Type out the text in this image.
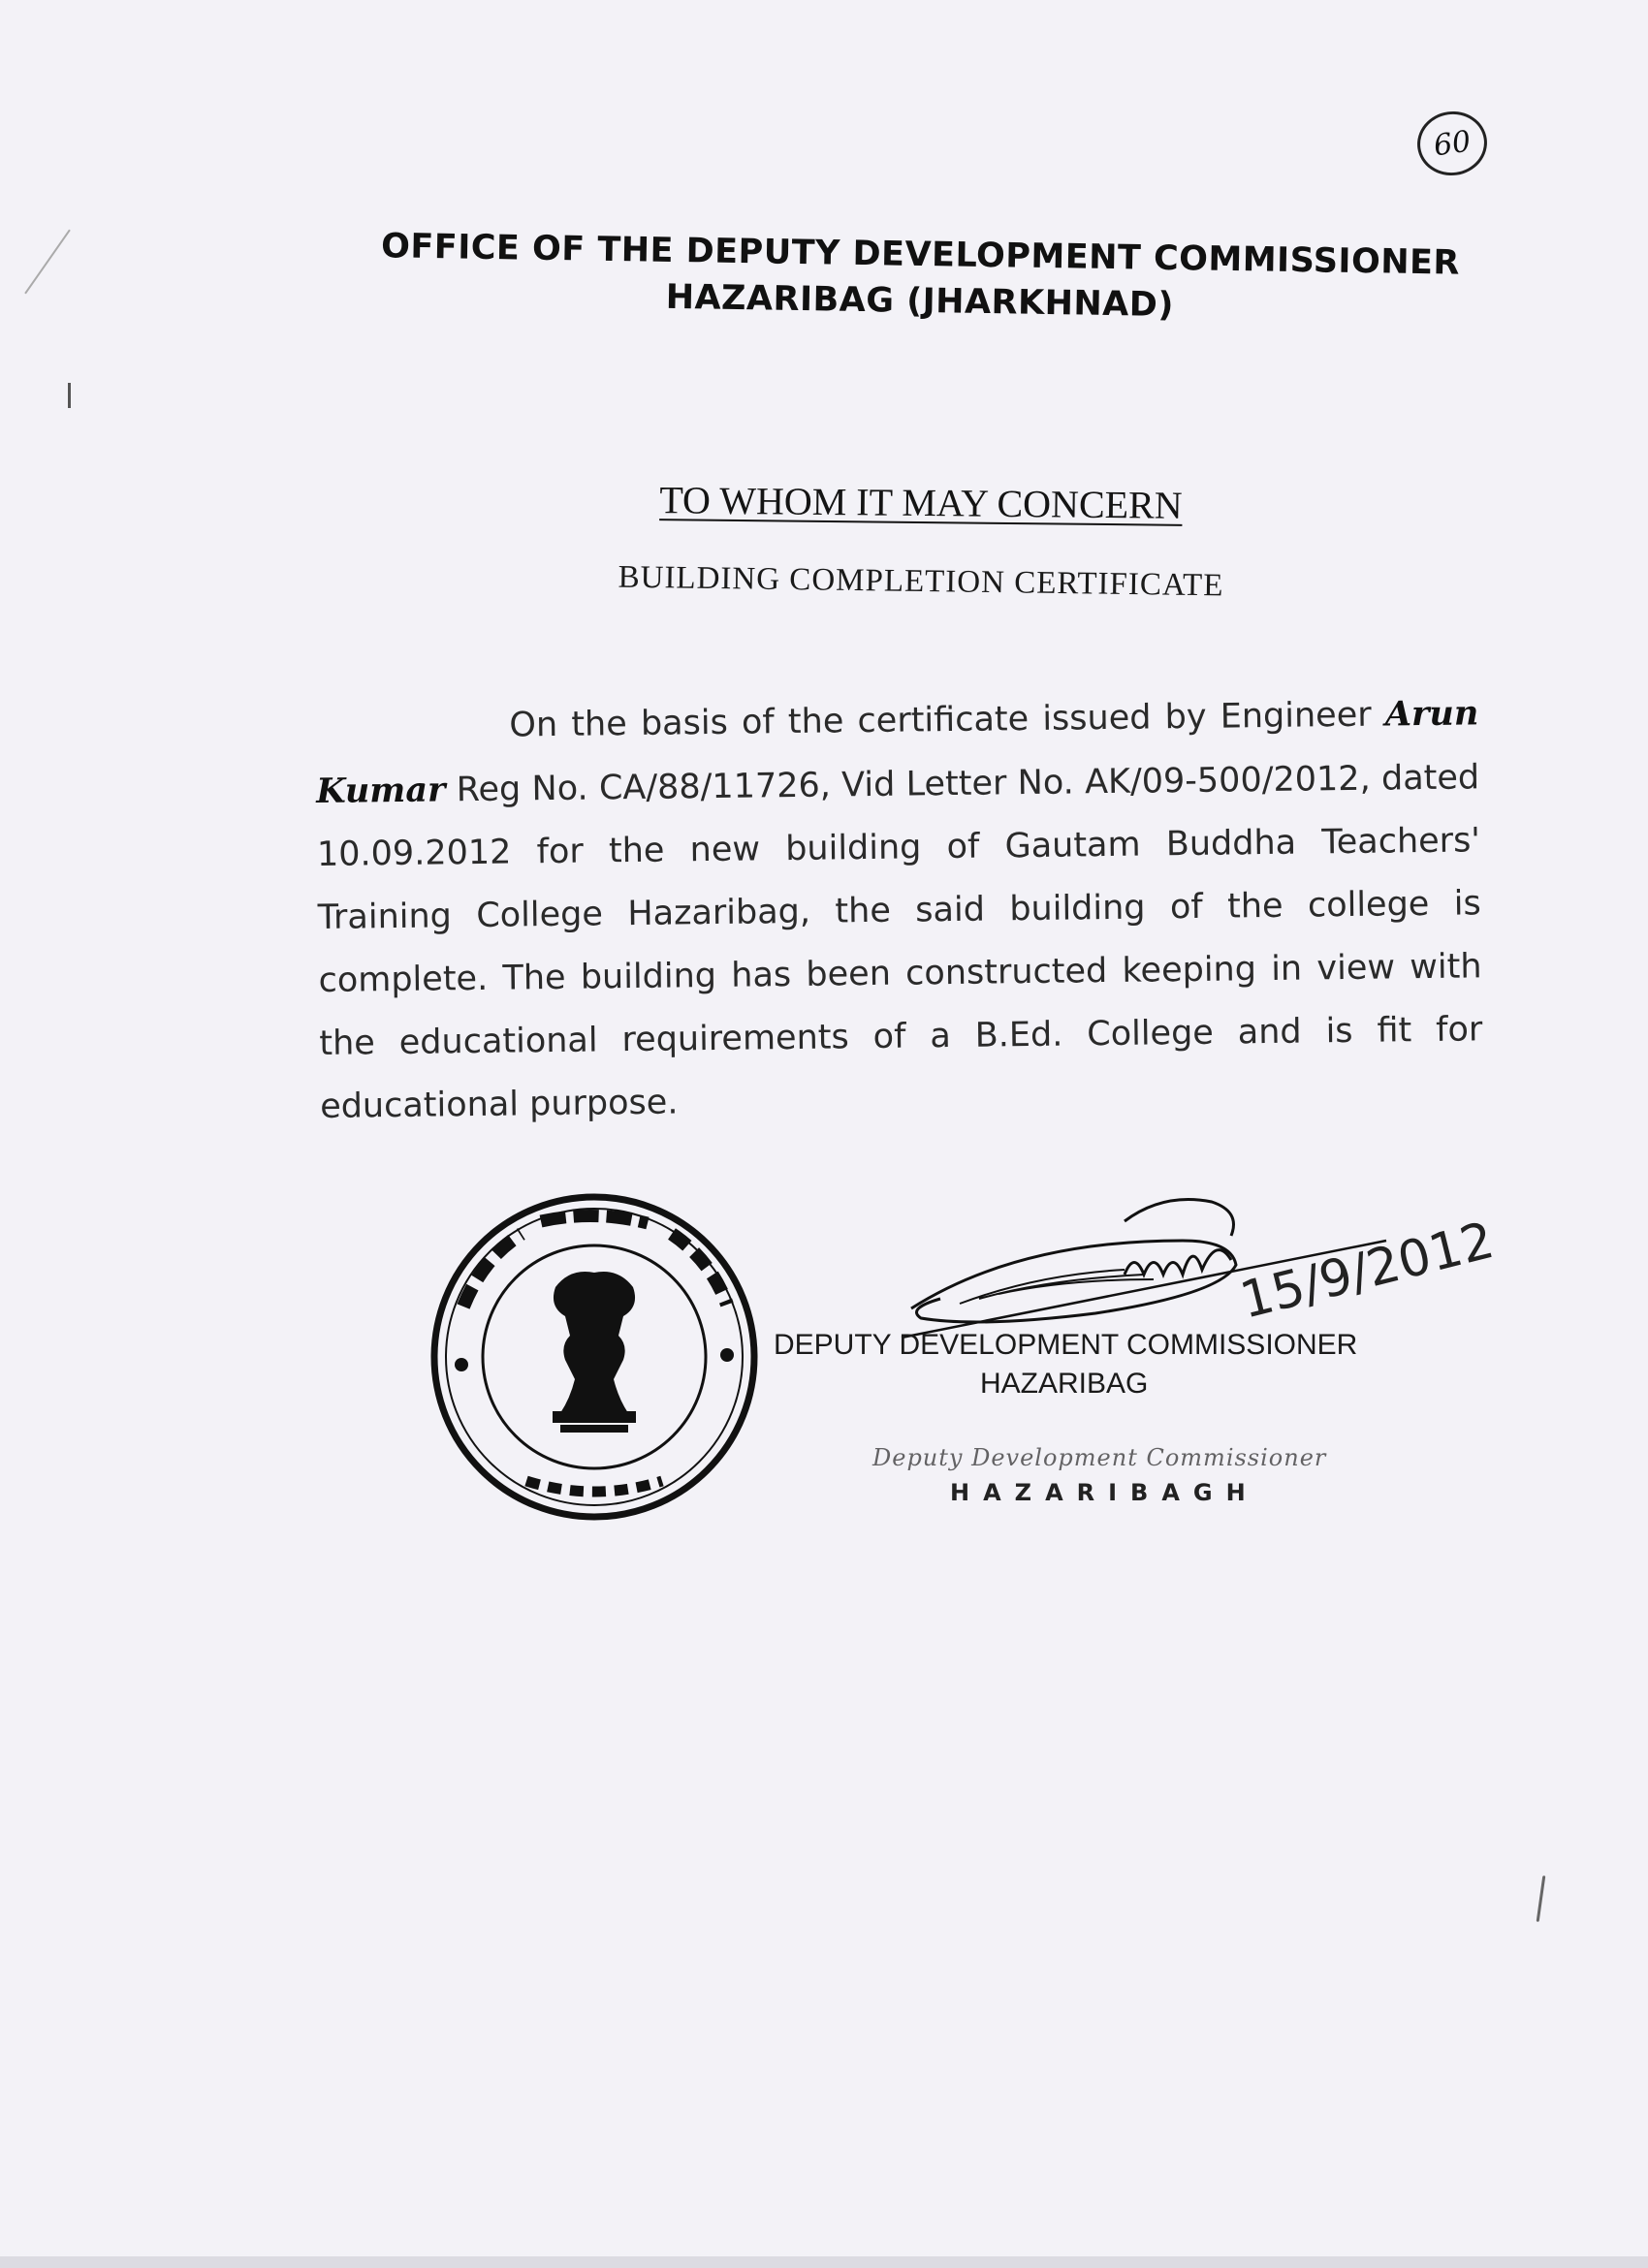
60
OFFICE OF THE DEPUTY DEVELOPMENT COMMISSIONER
HAZARIBAG (JHARKHNAD)
TO WHOM IT MAY CONCERN
BUILDING COMPLETION CERTIFICATE
On the basis of the certificate issued by Engineer Arun Kumar Reg No. CA/88/11726, Vid Letter No. AK/09-500/2012, dated 10.09.2012 for the new building of Gautam Buddha Teachers' Training College Hazaribag, the said building of the college is complete. The building has been constructed keeping in view with the educational requirements of a B.Ed. College and is fit for educational purpose.
15/9/2012
DEPUTY DEVELOPMENT COMMISSIONER
HAZARIBAG
Deputy Development Commissioner
HAZARIBAGH
